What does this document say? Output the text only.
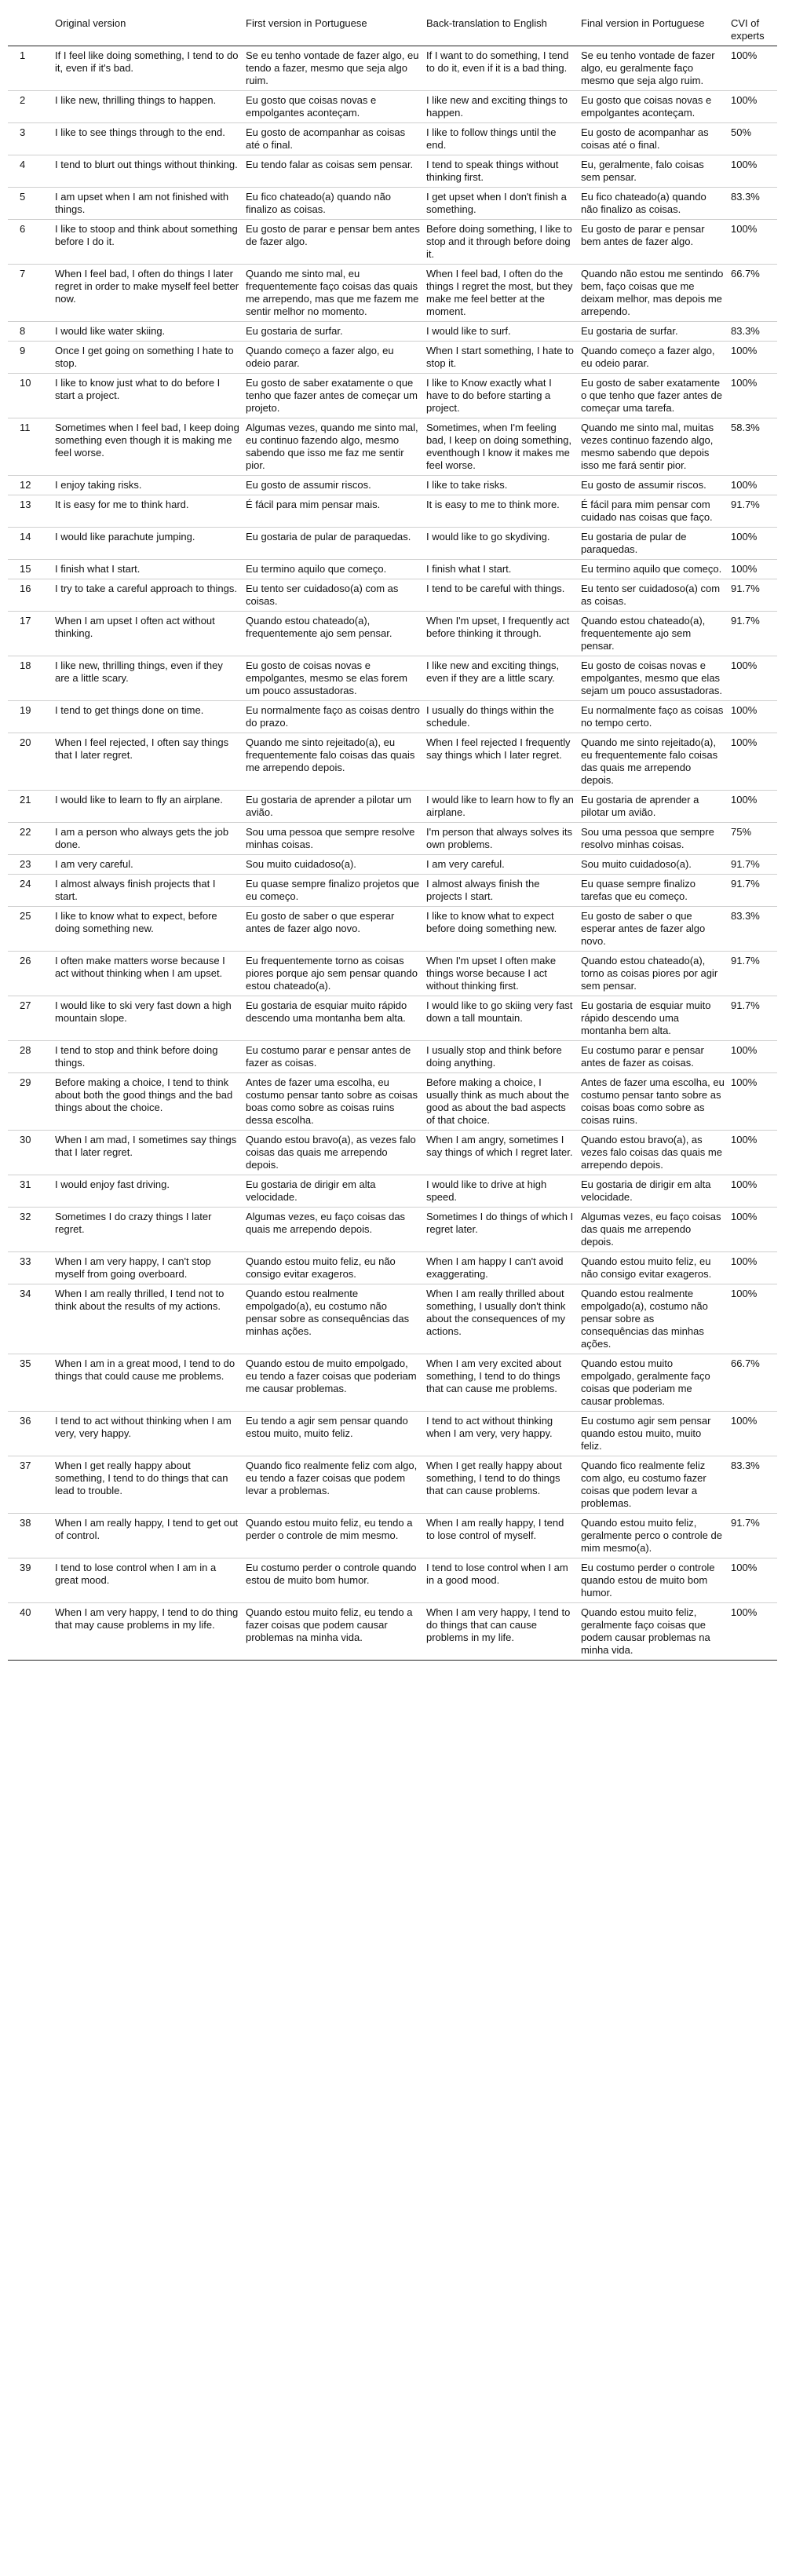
	Original version	First version in Portuguese	Back-translation to English	Final version in Portuguese	CVI of experts
1	If I feel like doing something, I tend to do it, even if it's bad.	Se eu tenho vontade de fazer algo, eu tendo a fazer, mesmo que seja algo ruim.	If I want to do something, I tend to do it, even if it is a bad thing.	Se eu tenho vontade de fazer algo, eu geralmente faço mesmo que seja algo ruim.	100%
2	I like new, thrilling things to happen.	Eu gosto que coisas novas e empolgantes aconteçam.	I like new and exciting things to happen.	Eu gosto que coisas novas e empolgantes aconteçam.	100%
3	I like to see things through to the end.	Eu gosto de acompanhar as coisas até o final.	I like to follow things until the end.	Eu gosto de acompanhar as coisas até o final.	50%
4	I tend to blurt out things without thinking.	Eu tendo falar as coisas sem pensar.	I tend to speak things without thinking first.	Eu, geralmente, falo coisas sem pensar.	100%
5	I am upset when I am not finished with things.	Eu fico chateado(a) quando não finalizo as coisas.	I get upset when I don't finish a something.	Eu fico chateado(a) quando não finalizo as coisas.	83.3%
6	I like to stoop and think about something before I do it.	Eu gosto de parar e pensar bem antes de fazer algo.	Before doing something, I like to stop and it through before doing it.	Eu gosto de parar e pensar bem antes de fazer algo.	100%
7	When I feel bad, I often do things I later regret in order to make myself feel better now.	Quando me sinto mal, eu frequentemente faço coisas das quais me arrependo, mas que me fazem me sentir melhor no momento.	When I feel bad, I often do the things I regret the most, but they make me feel better at the moment.	Quando não estou me sentindo bem, faço coisas que me deixam melhor, mas depois me arrependo.	66.7%
8	I would like water skiing.	Eu gostaria de surfar.	I would like to surf.	Eu gostaria de surfar.	83.3%
9	Once I get going on something I hate to stop.	Quando começo a fazer algo, eu odeio parar.	When I start something, I hate to stop it.	Quando começo a fazer algo, eu odeio parar.	100%
10	I like to know just what to do before I start a project.	Eu gosto de saber exatamente o que tenho que fazer antes de começar um projeto.	I like to Know exactly what I have to do before starting a project.	Eu gosto de saber exatamente o que tenho que fazer antes de começar uma tarefa.	100%
11	Sometimes when I feel bad, I keep doing something even though it is making me feel worse.	Algumas vezes, quando me sinto mal, eu continuo fazendo algo, mesmo sabendo que isso me faz me sentir pior.	Sometimes, when I'm feeling bad, I keep on doing something, eventhough I know it makes me feel worse.	Quando me sinto mal, muitas vezes continuo fazendo algo, mesmo sabendo que depois isso me fará sentir pior.	58.3%
12	I enjoy taking risks.	Eu gosto de assumir riscos.	I like to take risks.	Eu gosto de assumir riscos.	100%
13	It is easy for me to think hard.	É fácil para mim pensar mais.	It is easy to me to think more.	É fácil para mim pensar com cuidado nas coisas que faço.	91.7%
14	I would like parachute jumping.	Eu gostaria de pular de paraquedas.	I would like to go skydiving.	Eu gostaria de pular de paraquedas.	100%
15	I finish what I start.	Eu termino aquilo que começo.	I finish what I start.	Eu termino aquilo que começo.	100%
16	I try to take a careful approach to things.	Eu tento ser cuidadoso(a) com as coisas.	I tend to be careful with things.	Eu tento ser cuidadoso(a) com as coisas.	91.7%
17	When I am upset I often act without thinking.	Quando estou chateado(a), frequentemente ajo sem pensar.	When I'm upset, I frequently act before thinking it through.	Quando estou chateado(a), frequentemente ajo sem pensar.	91.7%
18	I like new, thrilling things, even if they are a little scary.	Eu gosto de coisas novas e empolgantes, mesmo se elas forem um pouco assustadoras.	I like new and exciting things, even if they are a little scary.	Eu gosto de coisas novas e empolgantes, mesmo que elas sejam um pouco assustadoras.	100%
19	I tend to get things done on time.	Eu normalmente faço as coisas dentro do prazo.	I usually do things within the schedule.	Eu normalmente faço as coisas no tempo certo.	100%
20	When I feel rejected, I often say things that I later regret.	Quando me sinto rejeitado(a), eu frequentemente falo coisas das quais me arrependo depois.	When I feel rejected I frequently say things which I later regret.	Quando me sinto rejeitado(a), eu frequentemente falo coisas das quais me arrependo depois.	100%
21	I would like to learn to fly an airplane.	Eu gostaria de aprender a pilotar um avião.	I would like to learn how to fly an airplane.	Eu gostaria de aprender a pilotar um avião.	100%
22	I am a person who always gets the job done.	Sou uma pessoa que sempre resolve minhas coisas.	I'm person that always solves its own problems.	Sou uma pessoa que sempre resolvo minhas coisas.	75%
23	I am very careful.	Sou muito cuidadoso(a).	I am very careful.	Sou muito cuidadoso(a).	91.7%
24	I almost always finish projects that I start.	Eu quase sempre finalizo projetos que eu começo.	I almost always finish the projects I start.	Eu quase sempre finalizo tarefas que eu começo.	91.7%
25	I like to know what to expect, before doing something new.	Eu gosto de saber o que esperar antes de fazer algo novo.	I like to know what to expect before doing something new.	Eu gosto de saber o que esperar antes de fazer algo novo.	83.3%
26	I often make matters worse because I act without thinking when I am upset.	Eu frequentemente torno as coisas piores porque ajo sem pensar quando estou chateado(a).	When I'm upset I often make things worse because I act without thinking first.	Quando estou chateado(a), torno as coisas piores por agir sem pensar.	91.7%
27	I would like to ski very fast down a high mountain slope.	Eu gostaria de esquiar muito rápido descendo uma montanha bem alta.	I would like to go skiing very fast down a tall mountain.	Eu gostaria de esquiar muito rápido descendo uma montanha bem alta.	91.7%
28	I tend to stop and think before doing things.	Eu costumo parar e pensar antes de fazer as coisas.	I usually stop and think before doing anything.	Eu costumo parar e pensar antes de fazer as coisas.	100%
29	Before making a choice, I tend to think about both the good things and the bad things about the choice.	Antes de fazer uma escolha, eu costumo pensar tanto sobre as coisas boas como sobre as coisas ruins dessa escolha.	Before making a choice, I usually think as much about the good as about the bad aspects of that choice.	Antes de fazer uma escolha, eu costumo pensar tanto sobre as coisas boas como sobre as coisas ruins.	100%
30	When I am mad, I sometimes say things that I later regret.	Quando estou bravo(a), as vezes falo coisas das quais me arrependo depois.	When I am angry, sometimes I say things of which I regret later.	Quando estou bravo(a), as vezes falo coisas das quais me arrependo depois.	100%
31	I would enjoy fast driving.	Eu gostaria de dirigir em alta velocidade.	I would like to drive at high speed.	Eu gostaria de dirigir em alta velocidade.	100%
32	Sometimes I do crazy things I later regret.	Algumas vezes, eu faço coisas das quais me arrependo depois.	Sometimes I do things of which I regret later.	Algumas vezes, eu faço coisas das quais me arrependo depois.	100%
33	When I am very happy, I can't stop myself from going overboard.	Quando estou muito feliz, eu não consigo evitar exageros.	When I am happy I can't avoid exaggerating.	Quando estou muito feliz, eu não consigo evitar exageros.	100%
34	When I am really thrilled, I tend not to think about the results of my actions.	Quando estou realmente empolgado(a), eu costumo não pensar sobre as consequências das minhas ações.	When I am really thrilled about something, I usually don't think about the consequences of my actions.	Quando estou realmente empolgado(a), costumo não pensar sobre as consequências das minhas ações.	100%
35	When I am in a great mood, I tend to do things that could cause me problems.	Quando estou de muito empolgado, eu tendo a fazer coisas que poderiam me causar problemas.	When I am very excited about something, I tend to do things that can cause me problems.	Quando estou muito empolgado, geralmente faço coisas que poderiam me causar problemas.	66.7%
36	I tend to act without thinking when I am very, very happy.	Eu tendo a agir sem pensar quando estou muito, muito feliz.	I tend to act without thinking when I am very, very happy.	Eu costumo agir sem pensar quando estou muito, muito feliz.	100%
37	When I get really happy about something, I tend to do things that can lead to trouble.	Quando fico realmente feliz com algo, eu tendo a fazer coisas que podem levar a problemas.	When I get really happy about something, I tend to do things that can cause problems.	Quando fico realmente feliz com algo, eu costumo fazer coisas que podem levar a problemas.	83.3%
38	When I am really happy, I tend to get out of control.	Quando estou muito feliz, eu tendo a perder o controle de mim mesmo.	When I am really happy, I tend to lose control of myself.	Quando estou muito feliz, geralmente perco o controle de mim mesmo(a).	91.7%
39	I tend to lose control when I am in a great mood.	Eu costumo perder o controle quando estou de muito bom humor.	I tend to lose control when I am in a good mood.	Eu costumo perder o controle quando estou de muito bom humor.	100%
40	When I am very happy, I tend to do thing that may cause problems in my life.	Quando estou muito feliz, eu tendo a fazer coisas que podem causar problemas na minha vida.	When I am very happy, I tend to do things that can cause problems in my life.	Quando estou muito feliz, geralmente faço coisas que podem causar problemas na minha vida.	100%
